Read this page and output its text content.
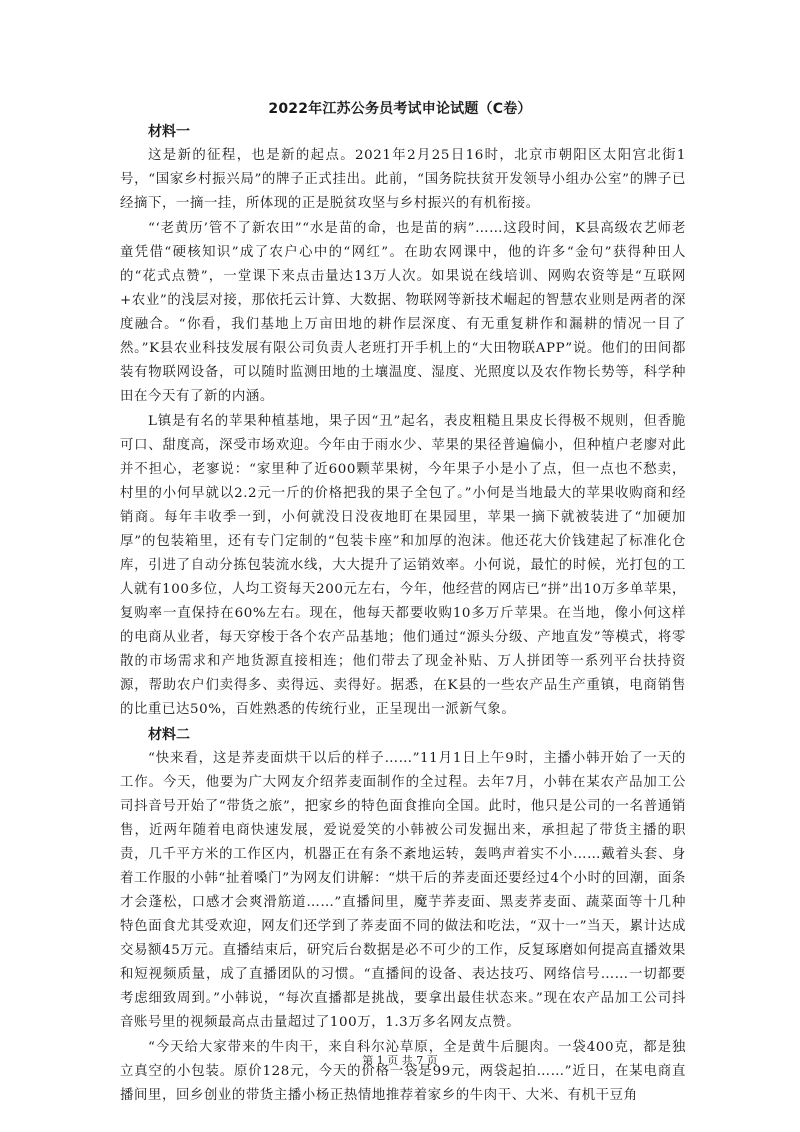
2022年江苏公务员考试申论试题（C卷）

材料一

这是新的征程，也是新的起点。2021年2月25日16时，北京市朝阳区太阳宫北街1号，“国家乡村振兴局”的牌子正式挂出。此前，“国务院扶贫开发领导小组办公室”的牌子已经摘下，一摘一挂，所体现的正是脱贫攻坚与乡村振兴的有机衔接。

“‘老黄历’管不了新农田”“水是苗的命，也是苗的病”……这段时间，K县高级农艺师老童凭借“硬核知识”成了农户心中的“网红”。在助农网课中，他的许多“金句”获得种田人的“花式点赞”，一堂课下来点击量达13万人次。如果说在线培训、网购农资等是“互联网+农业”的浅层对接，那依托云计算、大数据、物联网等新技术崛起的智慧农业则是两者的深度融合。“你看，我们基地上万亩田地的耕作层深度、有无重复耕作和漏耕的情况一目了然。”K县农业科技发展有限公司负责人老班打开手机上的“大田物联APP”说。他们的田间都装有物联网设备，可以随时监测田地的土壤温度、湿度、光照度以及农作物长势等，科学种田在今天有了新的内涵。

L镇是有名的苹果种植基地，果子因“丑”起名，表皮粗糙且果皮长得极不规则，但香脆可口、甜度高，深受市场欢迎。今年由于雨水少、苹果的果径普遍偏小，但种植户老廖对此并不担心，老寥说：“家里种了近600颗苹果树，今年果子小是小了点，但一点也不愁卖，村里的小何早就以2.2元一斤的价格把我的果子全包了。”小何是当地最大的苹果收购商和经销商。每年丰收季一到，小何就没日没夜地盯在果园里，苹果一摘下就被装进了“加硬加厚”的包装箱里，还有专门定制的“包装卡座”和加厚的泡沫。他还花大价钱建起了标准化仓库，引进了自动分拣包装流水线，大大提升了运销效率。小何说，最忙的时候，光打包的工人就有100多位，人均工资每天200元左右，今年，他经营的网店已“拼”出10万多单苹果，复购率一直保持在60%左右。现在，他每天都要收购10多万斤苹果。在当地，像小何这样的电商从业者，每天穿梭于各个农产品基地；他们通过“源头分级、产地直发”等模式，将零散的市场需求和产地货源直接相连；他们带去了现金补贴、万人拼团等一系列平台扶持资源，帮助农户们卖得多、卖得远、卖得好。据悉，在K县的一些农产品生产重镇，电商销售的比重已达50%，百姓熟悉的传统行业，正呈现出一派新气象。

材料二

“快来看，这是荞麦面烘干以后的样子……”11月1日上午9时，主播小韩开始了一天的工作。今天，他要为广大网友介绍荞麦面制作的全过程。去年7月，小韩在某农产品加工公司抖音号开始了“带货之旅”，把家乡的特色面食推向全国。此时，他只是公司的一名普通销售，近两年随着电商快速发展，爱说爱笑的小韩被公司发掘出来，承担起了带货主播的职责，几千平方米的工作区内，机器正在有条不紊地运转，轰鸣声着实不小……戴着头套、身着工作服的小韩“扯着嗓门”为网友们讲解：“烘干后的荞麦面还要经过4个小时的回潮，面条才会蓬松，口感才会爽滑筋道……”直播间里，魔芋荞麦面、黑麦荞麦面、蔬菜面等十几种特色面食尤其受欢迎，网友们还学到了荞麦面不同的做法和吃法，“双十一”当天，累计达成交易额45万元。直播结束后，研究后台数据是必不可少的工作，反复琢磨如何提高直播效果和短视频质量，成了直播团队的习惯。“直播间的设备、表达技巧、网络信号……一切都要考虑细致周到。”小韩说，“每次直播都是挑战，要拿出最佳状态来。”现在农产品加工公司抖音账号里的视频最高点击量超过了100万，1.3万多名网友点赞。

“今天给大家带来的牛肉干，来自科尔沁草原，全是黄牛后腿肉。一袋400克，都是独立真空的小包装。原价128元，今天的价格一袋是99元，两袋起拍……”近日，在某电商直播间里，回乡创业的带货主播小杨正热情地推荐着家乡的牛肉干、大米、有机干豆角

第 1 页 共 7 页
